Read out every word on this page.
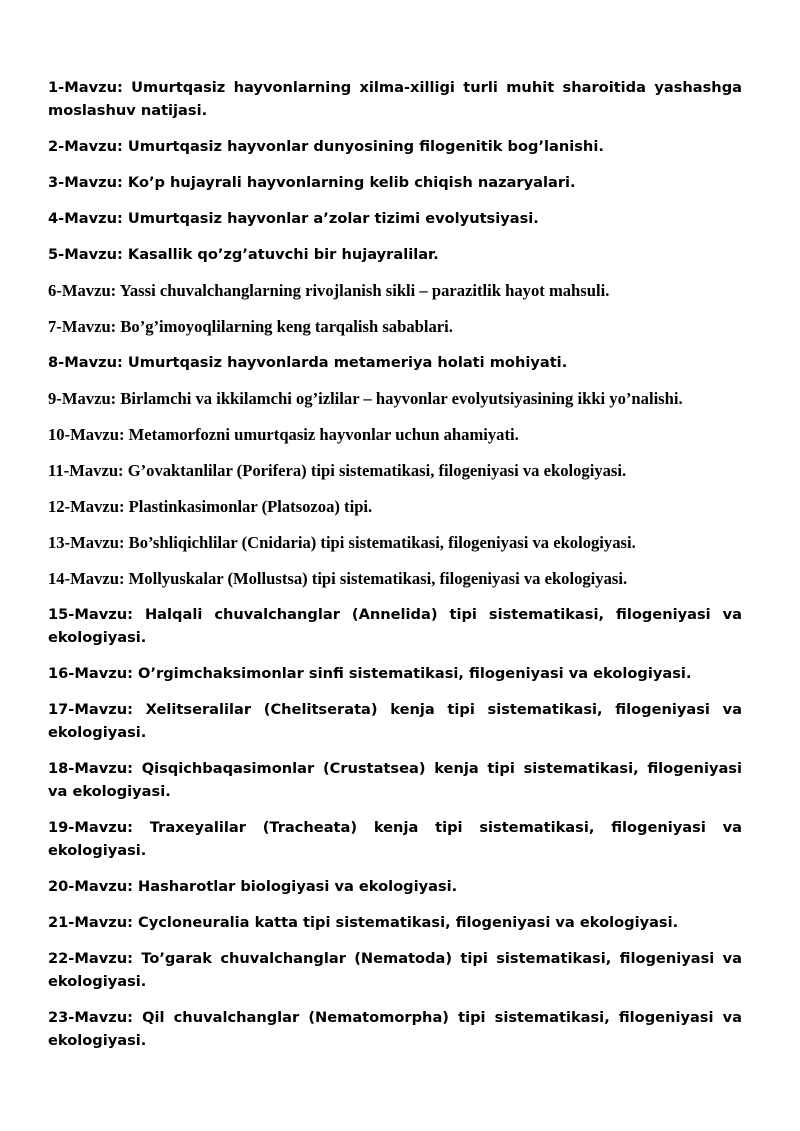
1-Mavzu: Umurtqasiz hayvonlarning xilma-xilligi turli muhit sharoitida yashashga moslashuv natijasi.

2-Mavzu: Umurtqasiz hayvonlar dunyosining filogenitik bog’lanishi.

3-Mavzu: Ko’p hujayrali hayvonlarning kelib chiqish nazaryalari.

4-Mavzu: Umurtqasiz hayvonlar a’zolar tizimi evolyutsiyasi.

5-Mavzu: Kasallik qo’zg’atuvchi bir hujayralilar.

6-Mavzu: Yassi chuvalchanglarning rivojlanish sikli – parazitlik hayot mahsuli.

7-Mavzu: Bo’g’imoyoqlilarning keng tarqalish sabablari.

8-Mavzu: Umurtqasiz hayvonlarda metameriya holati mohiyati.

9-Mavzu: Birlamchi va ikkilamchi og’izlilar – hayvonlar evolyutsiyasining ikki yo’nalishi.

10-Mavzu: Metamorfozni umurtqasiz hayvonlar uchun ahamiyati.

11-Mavzu: G’ovaktanlilar (Porifera) tipi sistematikasi, filogeniyasi va ekologiyasi.

12-Mavzu: Plastinkasimonlar (Platsozoa) tipi.

13-Mavzu: Bo’shliqichlilar (Cnidaria) tipi sistematikasi, filogeniyasi va ekologiyasi.

14-Mavzu: Mollyuskalar (Mollustsa) tipi sistematikasi, filogeniyasi va ekologiyasi.

15-Mavzu: Halqali chuvalchanglar (Annelida) tipi sistematikasi, filogeniyasi va ekologiyasi.

16-Mavzu: O’rgimchaksimonlar sinfi sistematikasi, filogeniyasi va ekologiyasi.

17-Mavzu: Xelitseralilar (Chelitserata) kenja tipi sistematikasi, filogeniyasi va ekologiyasi.

18-Mavzu: Qisqichbaqasimonlar (Crustatsea) kenja tipi sistematikasi, filogeniyasi va ekologiyasi.

19-Mavzu: Traxeyalilar (Tracheata) kenja tipi sistematikasi, filogeniyasi va ekologiyasi.

20-Mavzu: Hasharotlar biologiyasi va ekologiyasi.

21-Mavzu: Cycloneuralia katta tipi sistematikasi, filogeniyasi va ekologiyasi.

22-Mavzu: To’garak chuvalchanglar (Nematoda) tipi sistematikasi, filogeniyasi va ekologiyasi.

23-Mavzu: Qil chuvalchanglar (Nematomorpha) tipi sistematikasi, filogeniyasi va ekologiyasi.
